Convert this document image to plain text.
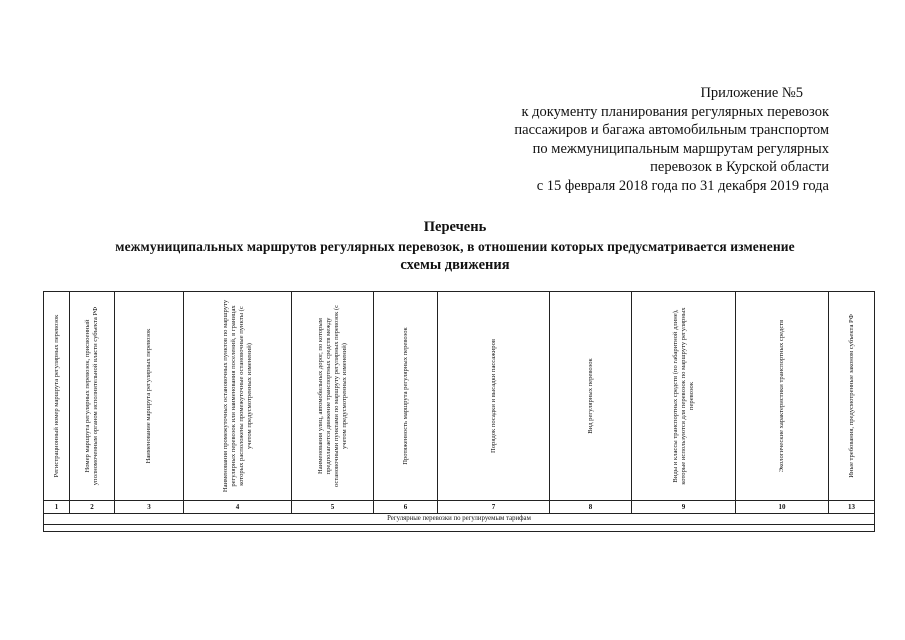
Приложение №5
к документу планирования регулярных перевозок
пассажиров и багажа автомобильным транспортом
по межмуниципальным маршрутам регулярных
перевозок в Курской области
с 15 февраля 2018 года по 31 декабря 2019 года
Перечень
межмуниципальных маршрутов регулярных перевозок, в отношении которых предусматривается изменение
схемы движения
Регистрационный номер маршрута регулярных перевозок	Номер маршрута регулярных перевозок, присвоенный уполномоченным органом исполнительной власти субъекта РФ	Наименование маршрута регулярных перевозок	Наименования промежуточных остановочных пунктов по маршруту регулярных перевозок или наименования поселений, в границах которых расположены промежуточные остановочные пункты (с учетом предусмотренных изменений)	Наименования улиц, автомобильных дорог, по которым предполагается движение транспортных средств между остановочными пунктами по маршруту регулярных перевозок (с учетом предусмотренных изменений)	Протяженность маршрута регулярных перевозок	Порядок посадки и высадки пассажиров	Вид регулярных перевозок	Виды и классы транспортных средств (по габаритной длине), которые используются для перевозок по маршруту регулярных перевозок	Экологические характеристики транспортных средств	Иные требования, предусмотренные законом субъекта РФ
1	2	3	4	5	6	7	8	9	10	13
Регулярные перевозки по регулируемым тарифам
